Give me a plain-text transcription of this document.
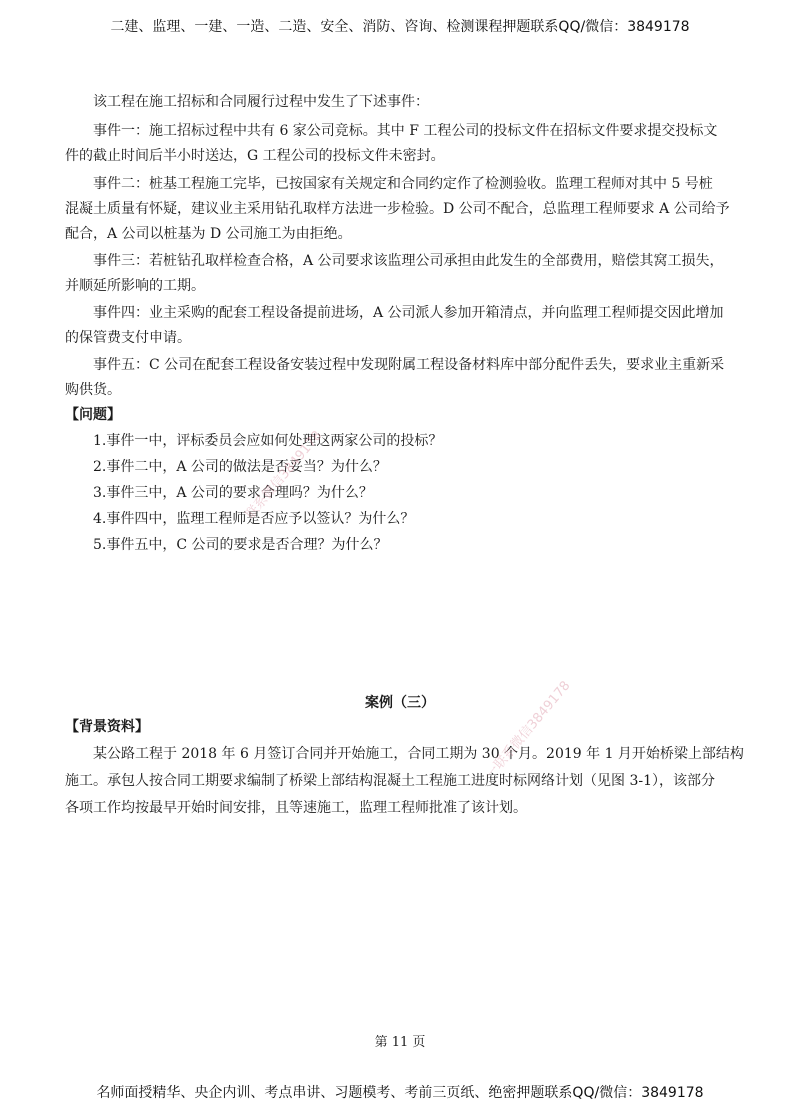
二建、监理、一建、一造、二造、安全、消防、咨询、检测课程押题联系QQ/微信：3849178
该工程在施工招标和合同履行过程中发生了下述事件：
事件一：施工招标过程中共有 6 家公司竞标。其中 F 工程公司的投标文件在招标文件要求提交投标文
件的截止时间后半小时送达，G 工程公司的投标文件未密封。
事件二：桩基工程施工完毕，已按国家有关规定和合同约定作了检测验收。监理工程师对其中 5 号桩
混凝土质量有怀疑，建议业主采用钻孔取样方法进一步检验。D 公司不配合，总监理工程师要求 A 公司给予
配合，A 公司以桩基为 D 公司施工为由拒绝。
事件三：若桩钻孔取样检查合格，A 公司要求该监理公司承担由此发生的全部费用，赔偿其窝工损失，
并顺延所影响的工期。
事件四：业主采购的配套工程设备提前进场，A 公司派人参加开箱清点，并向监理工程师提交因此增加
的保管费支付申请。
事件五：C 公司在配套工程设备安装过程中发现附属工程设备材料库中部分配件丢失，要求业主重新采
购供货。
【问题】
1.事件一中，评标委员会应如何处理这两家公司的投标？
2.事件二中，A 公司的做法是否妥当？为什么？
3.事件三中，A 公司的要求合理吗？为什么？
4.事件四中，监理工程师是否应予以签认？为什么？
5.事件五中，C 公司的要求是否合理？为什么？
案例（三）
【背景资料】
某公路工程于 2018 年 6 月签订合同并开始施工，合同工期为 30 个月。2019 年 1 月开始桥梁上部结构
施工。承包人按合同工期要求编制了桥梁上部结构混凝土工程施工进度时标网络计划（见图 3-1），该部分
各项工作均按最早开始时间安排，且等速施工，监理工程师批准了该计划。
联系微信3849178
一联系微信3849178
第 11 页
名师面授精华、央企内训、考点串讲、习题模考、考前三页纸、绝密押题联系QQ/微信：3849178
